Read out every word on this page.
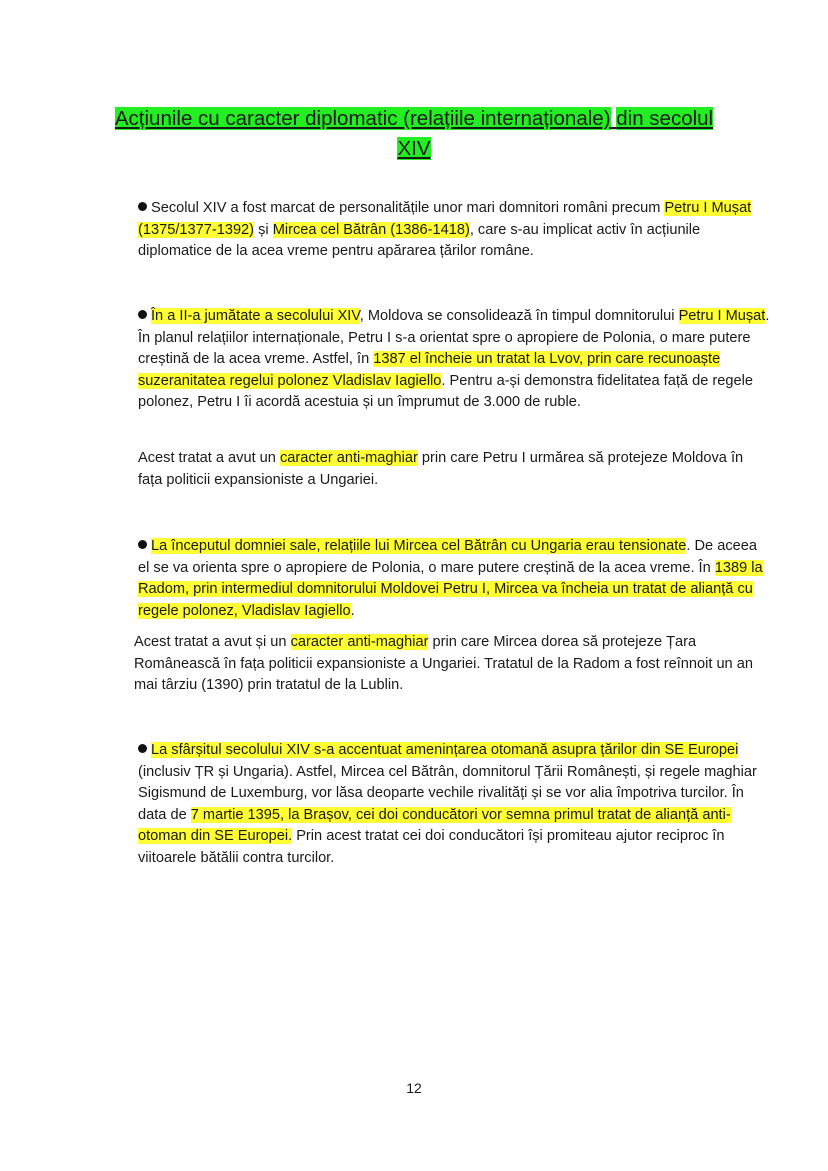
Acțiunile cu caracter diplomatic (relațiile internaționale) din secolul XIV

Secolul XIV a fost marcat de personalitățile unor mari domnitori români precum Petru I Mușat (1375/1377-1392) și Mircea cel Bătrân (1386-1418), care s-au implicat activ în acțiunile diplomatice de la acea vreme pentru apărarea țărilor române.

În a II-a jumătate a secolului XIV, Moldova se consolidează în timpul domnitorului Petru I Mușat. În planul relațiilor internaționale, Petru I s-a orientat spre o apropiere de Polonia, o mare putere creștină de la acea vreme. Astfel, în 1387 el încheie un tratat la Lvov, prin care recunoaște suzeranitatea regelui polonez Vladislav Iagiello. Pentru a-și demonstra fidelitatea față de regele polonez, Petru I îi acordă acestuia și un împrumut de 3.000 de ruble.

Acest tratat a avut un caracter anti-maghiar prin care Petru I urmărea să protejeze Moldova în fața politicii expansioniste a Ungariei.

La începutul domniei sale, relațiile lui Mircea cel Bătrân cu Ungaria erau tensionate. De aceea el se va orienta spre o apropiere de Polonia, o mare putere creștină de la acea vreme. În 1389 la Radom, prin intermediul domnitorului Moldovei Petru I, Mircea va încheia un tratat de alianță cu regele polonez, Vladislav Iagiello.

Acest tratat a avut și un caracter anti-maghiar prin care Mircea dorea să protejeze Țara Românească în fața politicii expansioniste a Ungariei. Tratatul de la Radom a fost reînnoit un an mai târziu (1390) prin tratatul de la Lublin.

La sfârșitul secolului XIV s-a accentuat amenințarea otomană asupra țărilor din SE Europei (inclusiv ȚR și Ungaria). Astfel, Mircea cel Bătrân, domnitorul Țării Românești, și regele maghiar Sigismund de Luxemburg, vor lăsa deoparte vechile rivalități și se vor alia împotriva turcilor. În data de 7 martie 1395, la Brașov, cei doi conducători vor semna primul tratat de alianță anti-otoman din SE Europei. Prin acest tratat cei doi conducători își promiteau ajutor reciproc în viitoarele bătălii contra turcilor.

12
